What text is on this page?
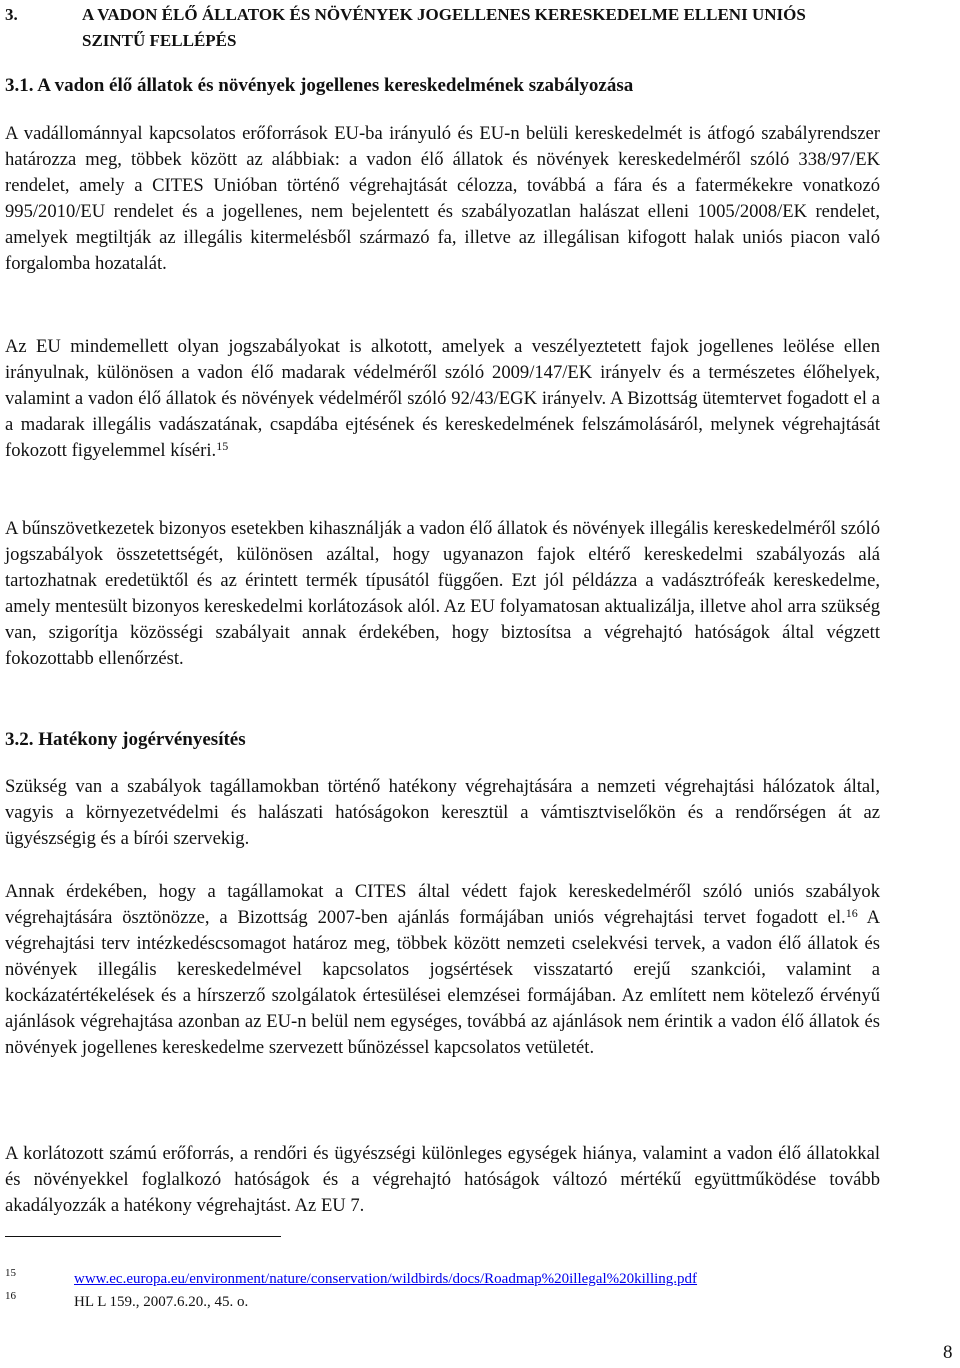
3.	A VADON ÉLŐ ÁLLATOK ÉS NÖVÉNYEK JOGELLENES KERESKEDELME ELLENI UNIÓS
SZINTŰ FELLÉPÉS
3.1. A vadon élő állatok és növények jogellenes kereskedelmének szabályozása

A vadállománnyal kapcsolatos erőforrások EU-ba irányuló és EU-n belüli kereskedelmét is átfogó szabályrendszer határozza meg, többek között az alábbiak: a vadon élő állatok és növények kereskedelméről szóló 338/97/EK rendelet, amely a CITES Unióban történő végrehajtását célozza, továbbá a fára és a fatermékekre vonatkozó 995/2010/EU rendelet és a jogellenes, nem bejelentett és szabályozatlan halászat elleni 1005/2008/EK rendelet, amelyek megtiltják az illegális kitermelésből származó fa, illetve az illegálisan kifogott halak uniós piacon való forgalomba hozatalát.

Az EU mindemellett olyan jogszabályokat is alkotott, amelyek a veszélyeztetett fajok jogellenes leölése ellen irányulnak, különösen a vadon élő madarak védelméről szóló 2009/147/EK irányelv és a természetes élőhelyek, valamint a vadon élő állatok és növények védelméről szóló 92/43/EGK irányelv. A Bizottság ütemtervet fogadott el a a madarak illegális vadászatának, csapdába ejtésének és kereskedelmének felszámolásáról, melynek végrehajtását fokozott figyelemmel kíséri.$^{15}$

A bűnszövetkezetek bizonyos esetekben kihasználják a vadon élő állatok és növények illegális kereskedelméről szóló jogszabályok összetettségét, különösen azáltal, hogy ugyanazon fajok eltérő kereskedelmi szabályozás alá tartozhatnak eredetüktől és az érintett termék típusától függően. Ezt jól példázza a vadásztrófeák kereskedelme, amely mentesült bizonyos kereskedelmi korlátozások alól. Az EU folyamatosan aktualizálja, illetve ahol arra szükség van, szigorítja közösségi szabályait annak érdekében, hogy biztosítsa a végrehajtó hatóságok által végzett fokozottabb ellenőrzést.

3.2. Hatékony jogérvényesítés

Szükség van a szabályok tagállamokban történő hatékony végrehajtására a nemzeti végrehajtási hálózatok által, vagyis a környezetvédelmi és halászati hatóságokon keresztül a vámtisztviselőkön és a rendőrségen át az ügyészségig és a bírói szervekig.

Annak érdekében, hogy a tagállamokat a CITES által védett fajok kereskedelméről szóló uniós szabályok végrehajtására ösztönözze, a Bizottság 2007-ben ajánlás formájában uniós végrehajtási tervet fogadott el.$^{16}$ A végrehajtási terv intézkedéscsomagot határoz meg, többek között nemzeti cselekvési tervek, a vadon élő állatok és növények illegális kereskedelmével kapcsolatos jogsértések visszatartó erejű szankciói, valamint a kockázatértékelések és a hírszerző szolgálatok értesülései elemzései formájában. Az említett nem kötelező érvényű ajánlások végrehajtása azonban az EU-n belül nem egységes, továbbá az ajánlások nem érintik a vadon élő állatok és növények jogellenes kereskedelme szervezett bűnözéssel kapcsolatos vetületét.

A korlátozott számú erőforrás, a rendőri és ügyészségi különleges egységek hiánya, valamint a vadon élő állatokkal és növényekkel foglalkozó hatóságok és a végrehajtó hatóságok változó mértékű együttműködése tovább akadályozzák a hatékony végrehajtást. Az EU 7.

15	www.ec.europa.eu/environment/nature/conservation/wildbirds/docs/Roadmap%20illegal%20killing.pdf
16	HL L 159., 2007.6.20., 45. o.
8
